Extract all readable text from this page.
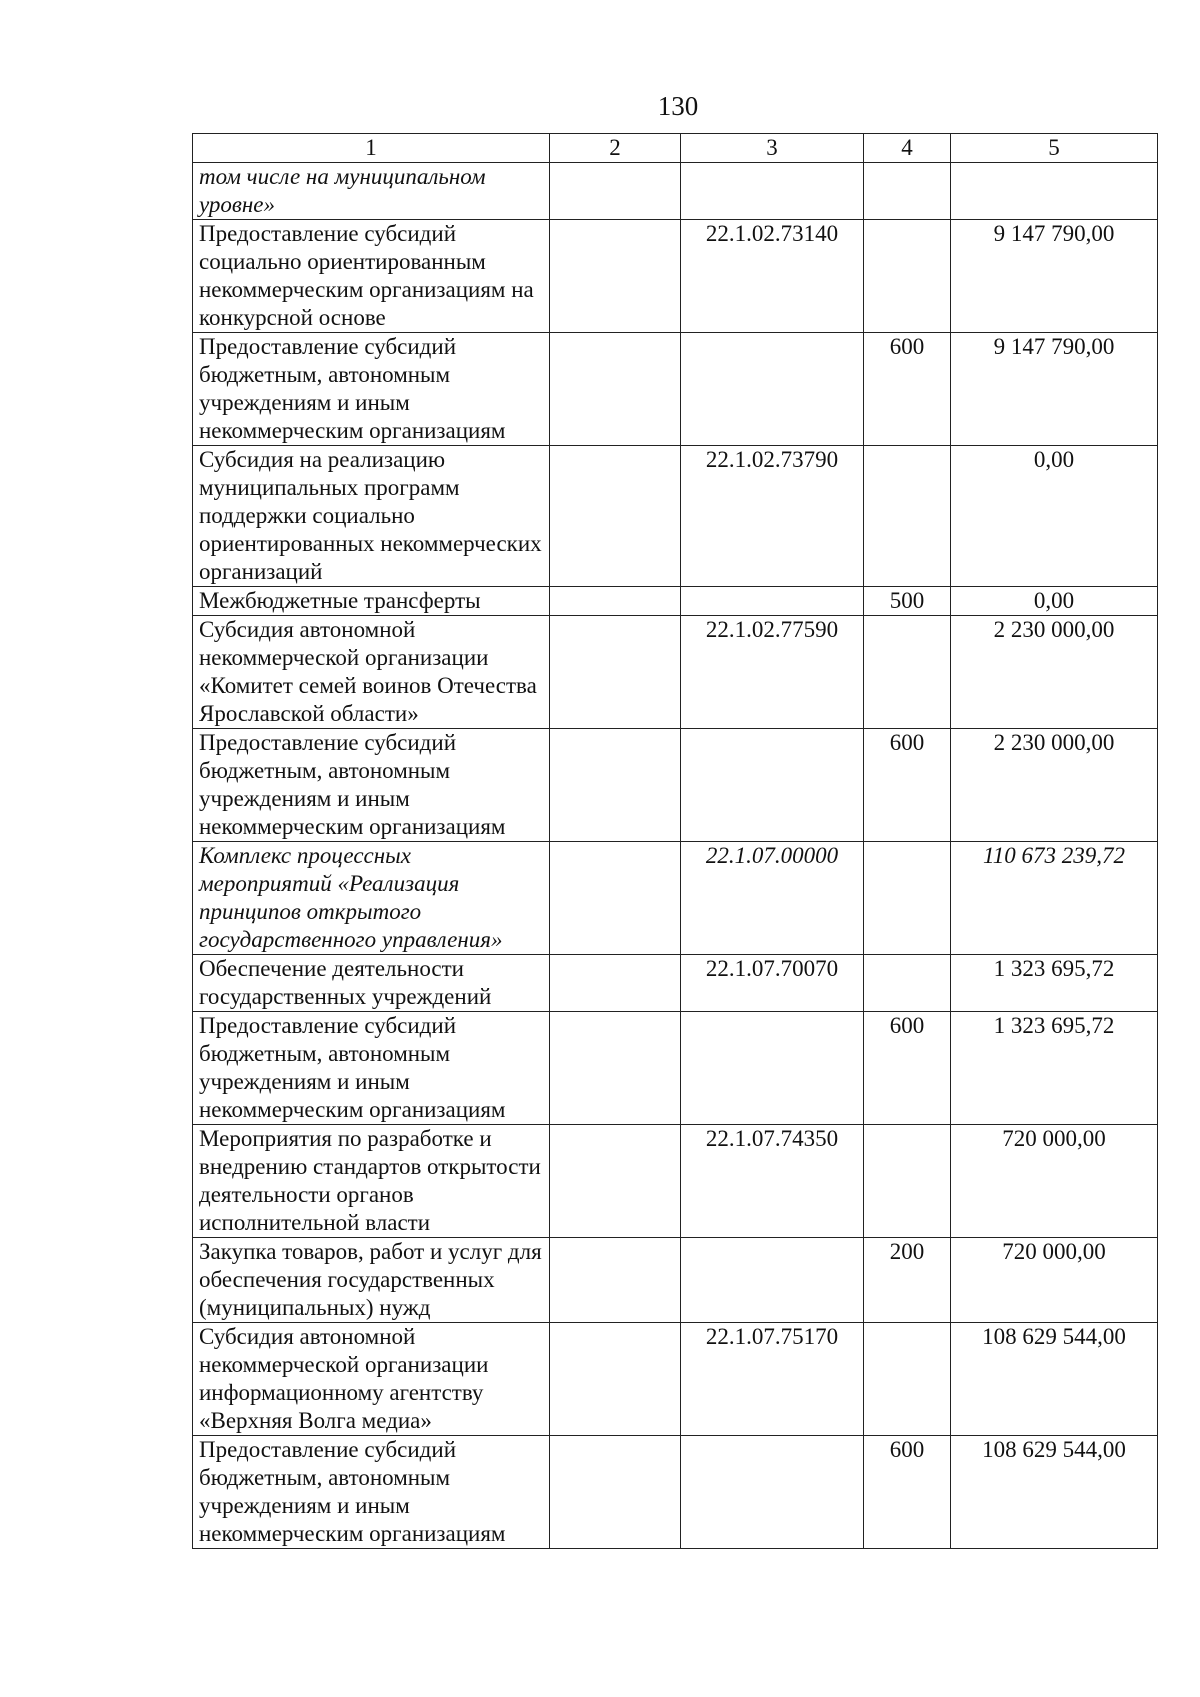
130
1	2	3	4	5
том числе на муниципальном уровне»				
Предоставление субсидий социально ориентированным некоммерческим организациям на конкурсной основе		22.1.02.73140		9 147 790,00
Предоставление субсидий бюджетным, автономным учреждениям и иным некоммерческим организациям			600	9 147 790,00
Субсидия на реализацию муниципальных программ поддержки социально ориентированных некоммерческих организаций		22.1.02.73790		0,00
Межбюджетные трансферты			500	0,00
Субсидия автономной некоммерческой организации «Комитет семей воинов Отечества Ярославской области»		22.1.02.77590		2 230 000,00
Предоставление субсидий бюджетным, автономным учреждениям и иным некоммерческим организациям			600	2 230 000,00
Комплекс процессных мероприятий «Реализация принципов открытого государственного управления»		22.1.07.00000		110 673 239,72
Обеспечение деятельности государственных учреждений		22.1.07.70070		1 323 695,72
Предоставление субсидий бюджетным, автономным учреждениям и иным некоммерческим организациям			600	1 323 695,72
Мероприятия по разработке и внедрению стандартов открытости деятельности органов исполнительной власти		22.1.07.74350		720 000,00
Закупка товаров, работ и услуг для обеспечения государственных (муниципальных) нужд			200	720 000,00
Субсидия автономной некоммерческой организации информационному агентству «Верхняя Волга медиа»		22.1.07.75170		108 629 544,00
Предоставление субсидий бюджетным, автономным учреждениям и иным некоммерческим организациям			600	108 629 544,00
